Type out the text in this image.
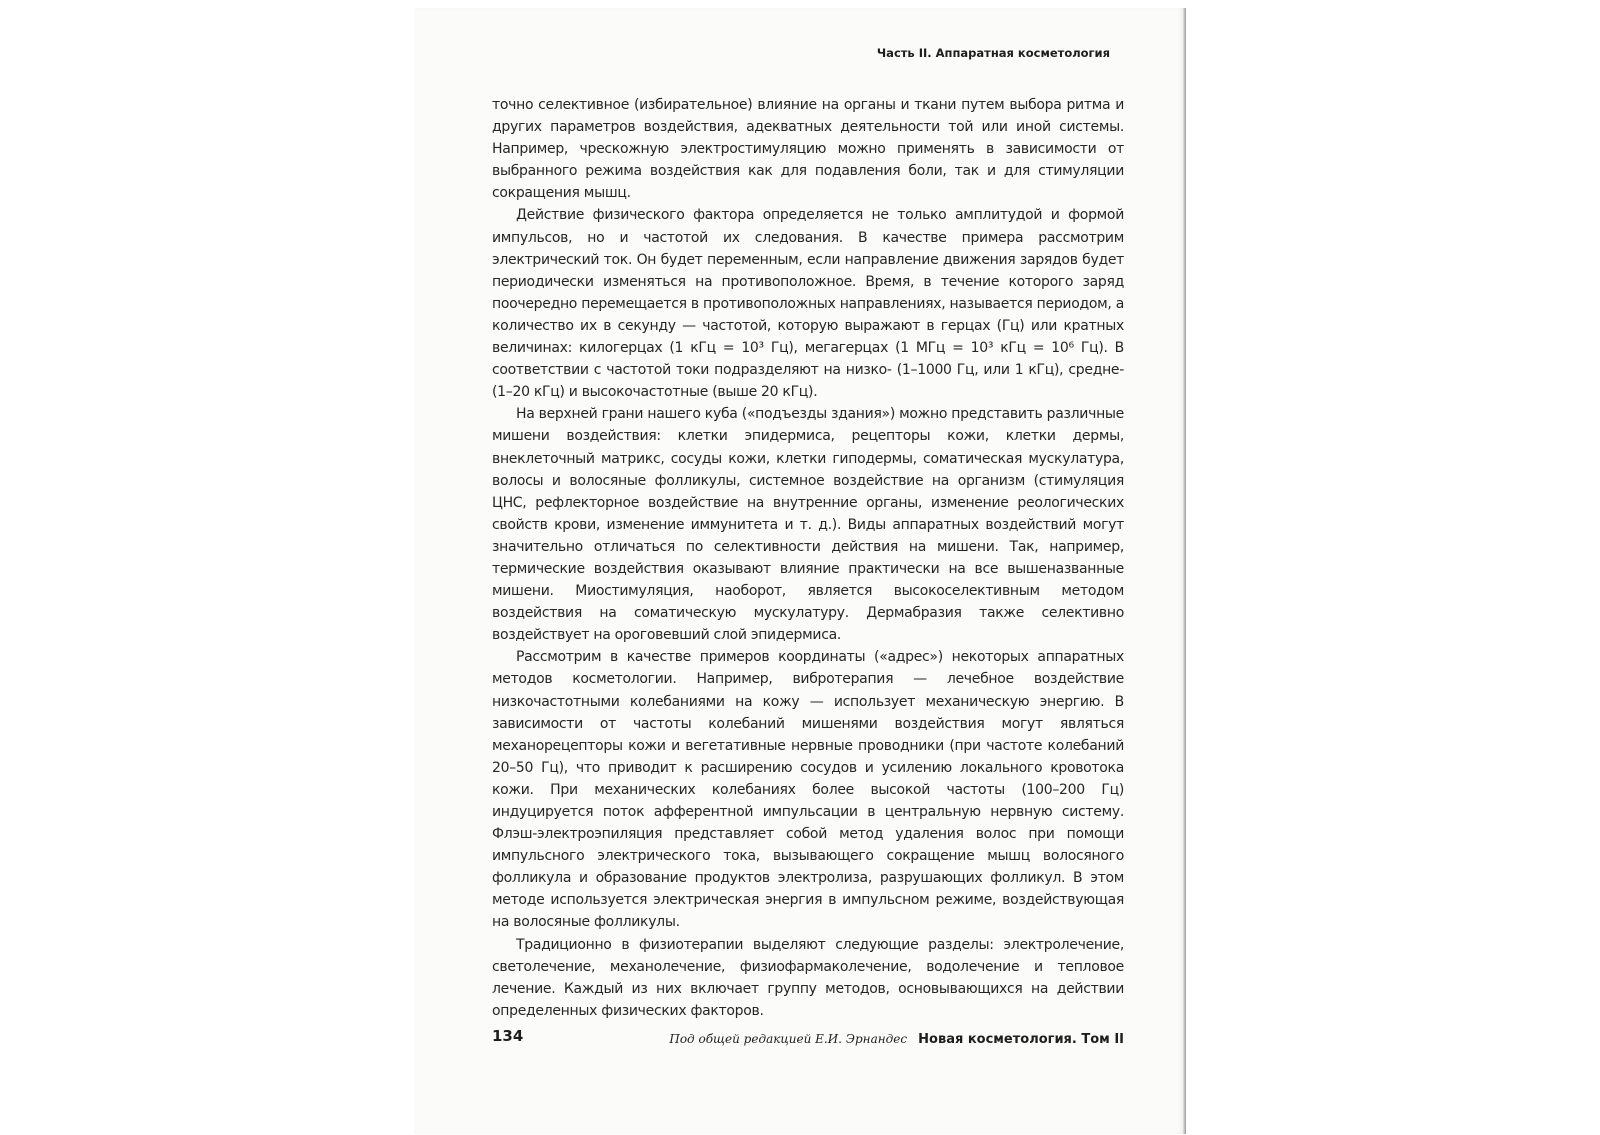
Часть II. Аппаратная косметология

точно селективное (избирательное) влияние на органы и ткани путем выбора ритма и других параметров воздействия, адекватных деятельности той или иной системы. Например, чрескожную электростимуляцию можно применять в зависимости от выбранного режима воздействия как для подавления боли, так и для стимуляции сокращения мышц.

Действие физического фактора определяется не только амплитудой и формой импульсов, но и частотой их следования. В качестве примера рассмотрим электрический ток. Он будет переменным, если направление движения зарядов будет периодически изменяться на противоположное. Время, в течение которого заряд поочередно перемещается в противоположных направлениях, называется периодом, а количество их в секунду — частотой, которую выражают в герцах (Гц) или кратных величинах: килогерцах (1 кГц = 10³ Гц), мегагерцах (1 МГц = 10³ кГц = 10⁶ Гц). В соответствии с частотой токи подразделяют на низко- (1–1000 Гц, или 1 кГц), средне- (1–20 кГц) и высокочастотные (выше 20 кГц).

На верхней грани нашего куба («подъезды здания») можно представить различные мишени воздействия: клетки эпидермиса, рецепторы кожи, клетки дермы, внеклеточный матрикс, сосуды кожи, клетки гиподермы, соматическая мускулатура, волосы и волосяные фолликулы, системное воздействие на организм (стимуляция ЦНС, рефлекторное воздействие на внутренние органы, изменение реологических свойств крови, изменение иммунитета и т. д.). Виды аппаратных воздействий могут значительно отличаться по селективности действия на мишени. Так, например, термические воздействия оказывают влияние практически на все вышеназванные мишени. Миостимуляция, наоборот, является высокоселективным методом воздействия на соматическую мускулатуру. Дермабразия также селективно воздействует на ороговевший слой эпидермиса.

Рассмотрим в качестве примеров координаты («адрес») некоторых аппаратных методов косметологии. Например, вибротерапия — лечебное воздействие низкочастотными колебаниями на кожу — использует механическую энергию. В зависимости от частоты колебаний мишенями воздействия могут являться механорецепторы кожи и вегетативные нервные проводники (при частоте колебаний 20–50 Гц), что приводит к расширению сосудов и усилению локального кровотока кожи. При механических колебаниях более высокой частоты (100–200 Гц) индуцируется поток афферентной импульсации в центральную нервную систему. Флэш-электроэпиляция представляет собой метод удаления волос при помощи импульсного электрического тока, вызывающего сокращение мышц волосяного фолликула и образование продуктов электролиза, разрушающих фолликул. В этом методе используется электрическая энергия в импульсном режиме, воздействующая на волосяные фолликулы.

Традиционно в физиотерапии выделяют следующие разделы: электролечение, светолечение, механолечение, физиофармаколечение, водолечение и тепловое лечение. Каждый из них включает группу методов, основывающихся на действии определенных физических факторов.

134	Под общей редакцией Е.И. Эрнандес Новая косметология. Том II
